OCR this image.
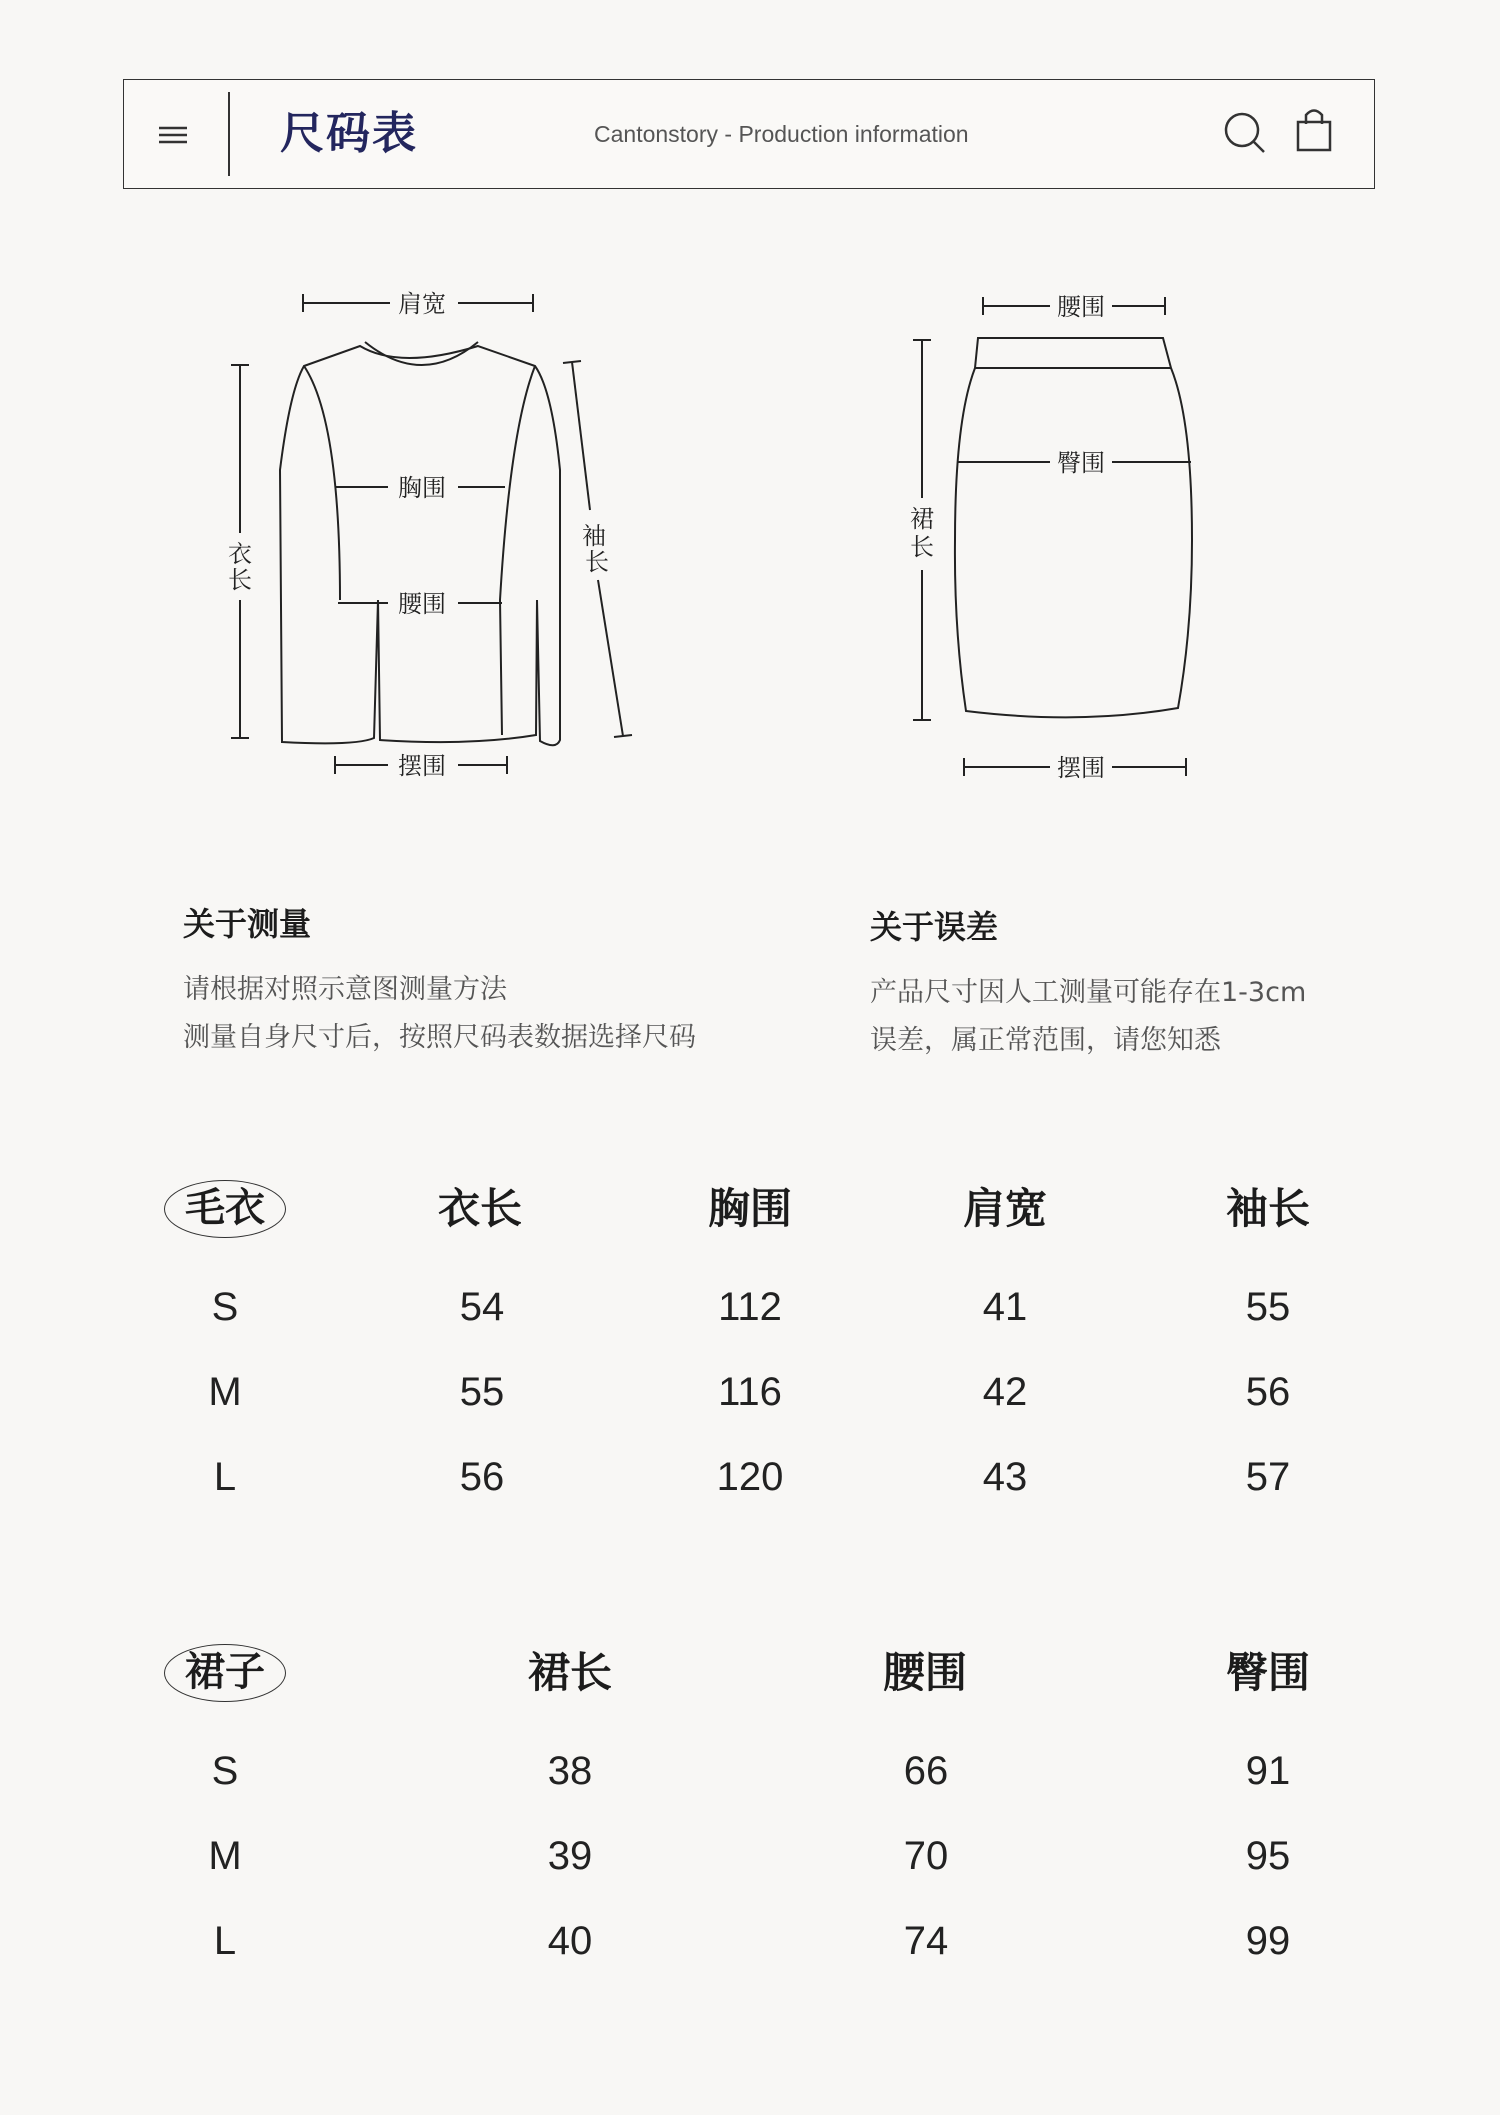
尺码表	Cantonstory - Production information
肩宽
胸围
腰围
摆围
衣
长
袖
长
腰围
臀围
摆围
裙
长
关于测量
请根据对照示意图测量方法
测量自身尺寸后，按照尺码表数据选择尺码
关于误差
产品尺寸因人工测量可能存在1-3cm
误差，属正常范围，请您知悉
毛衣	衣长	胸围	肩宽	袖长
S	54	112	41	55
M	55	116	42	56
L	56	120	43	57
裙子	裙长	腰围	臀围
S	38	66	91
M	39	70	95
L	40	74	99
